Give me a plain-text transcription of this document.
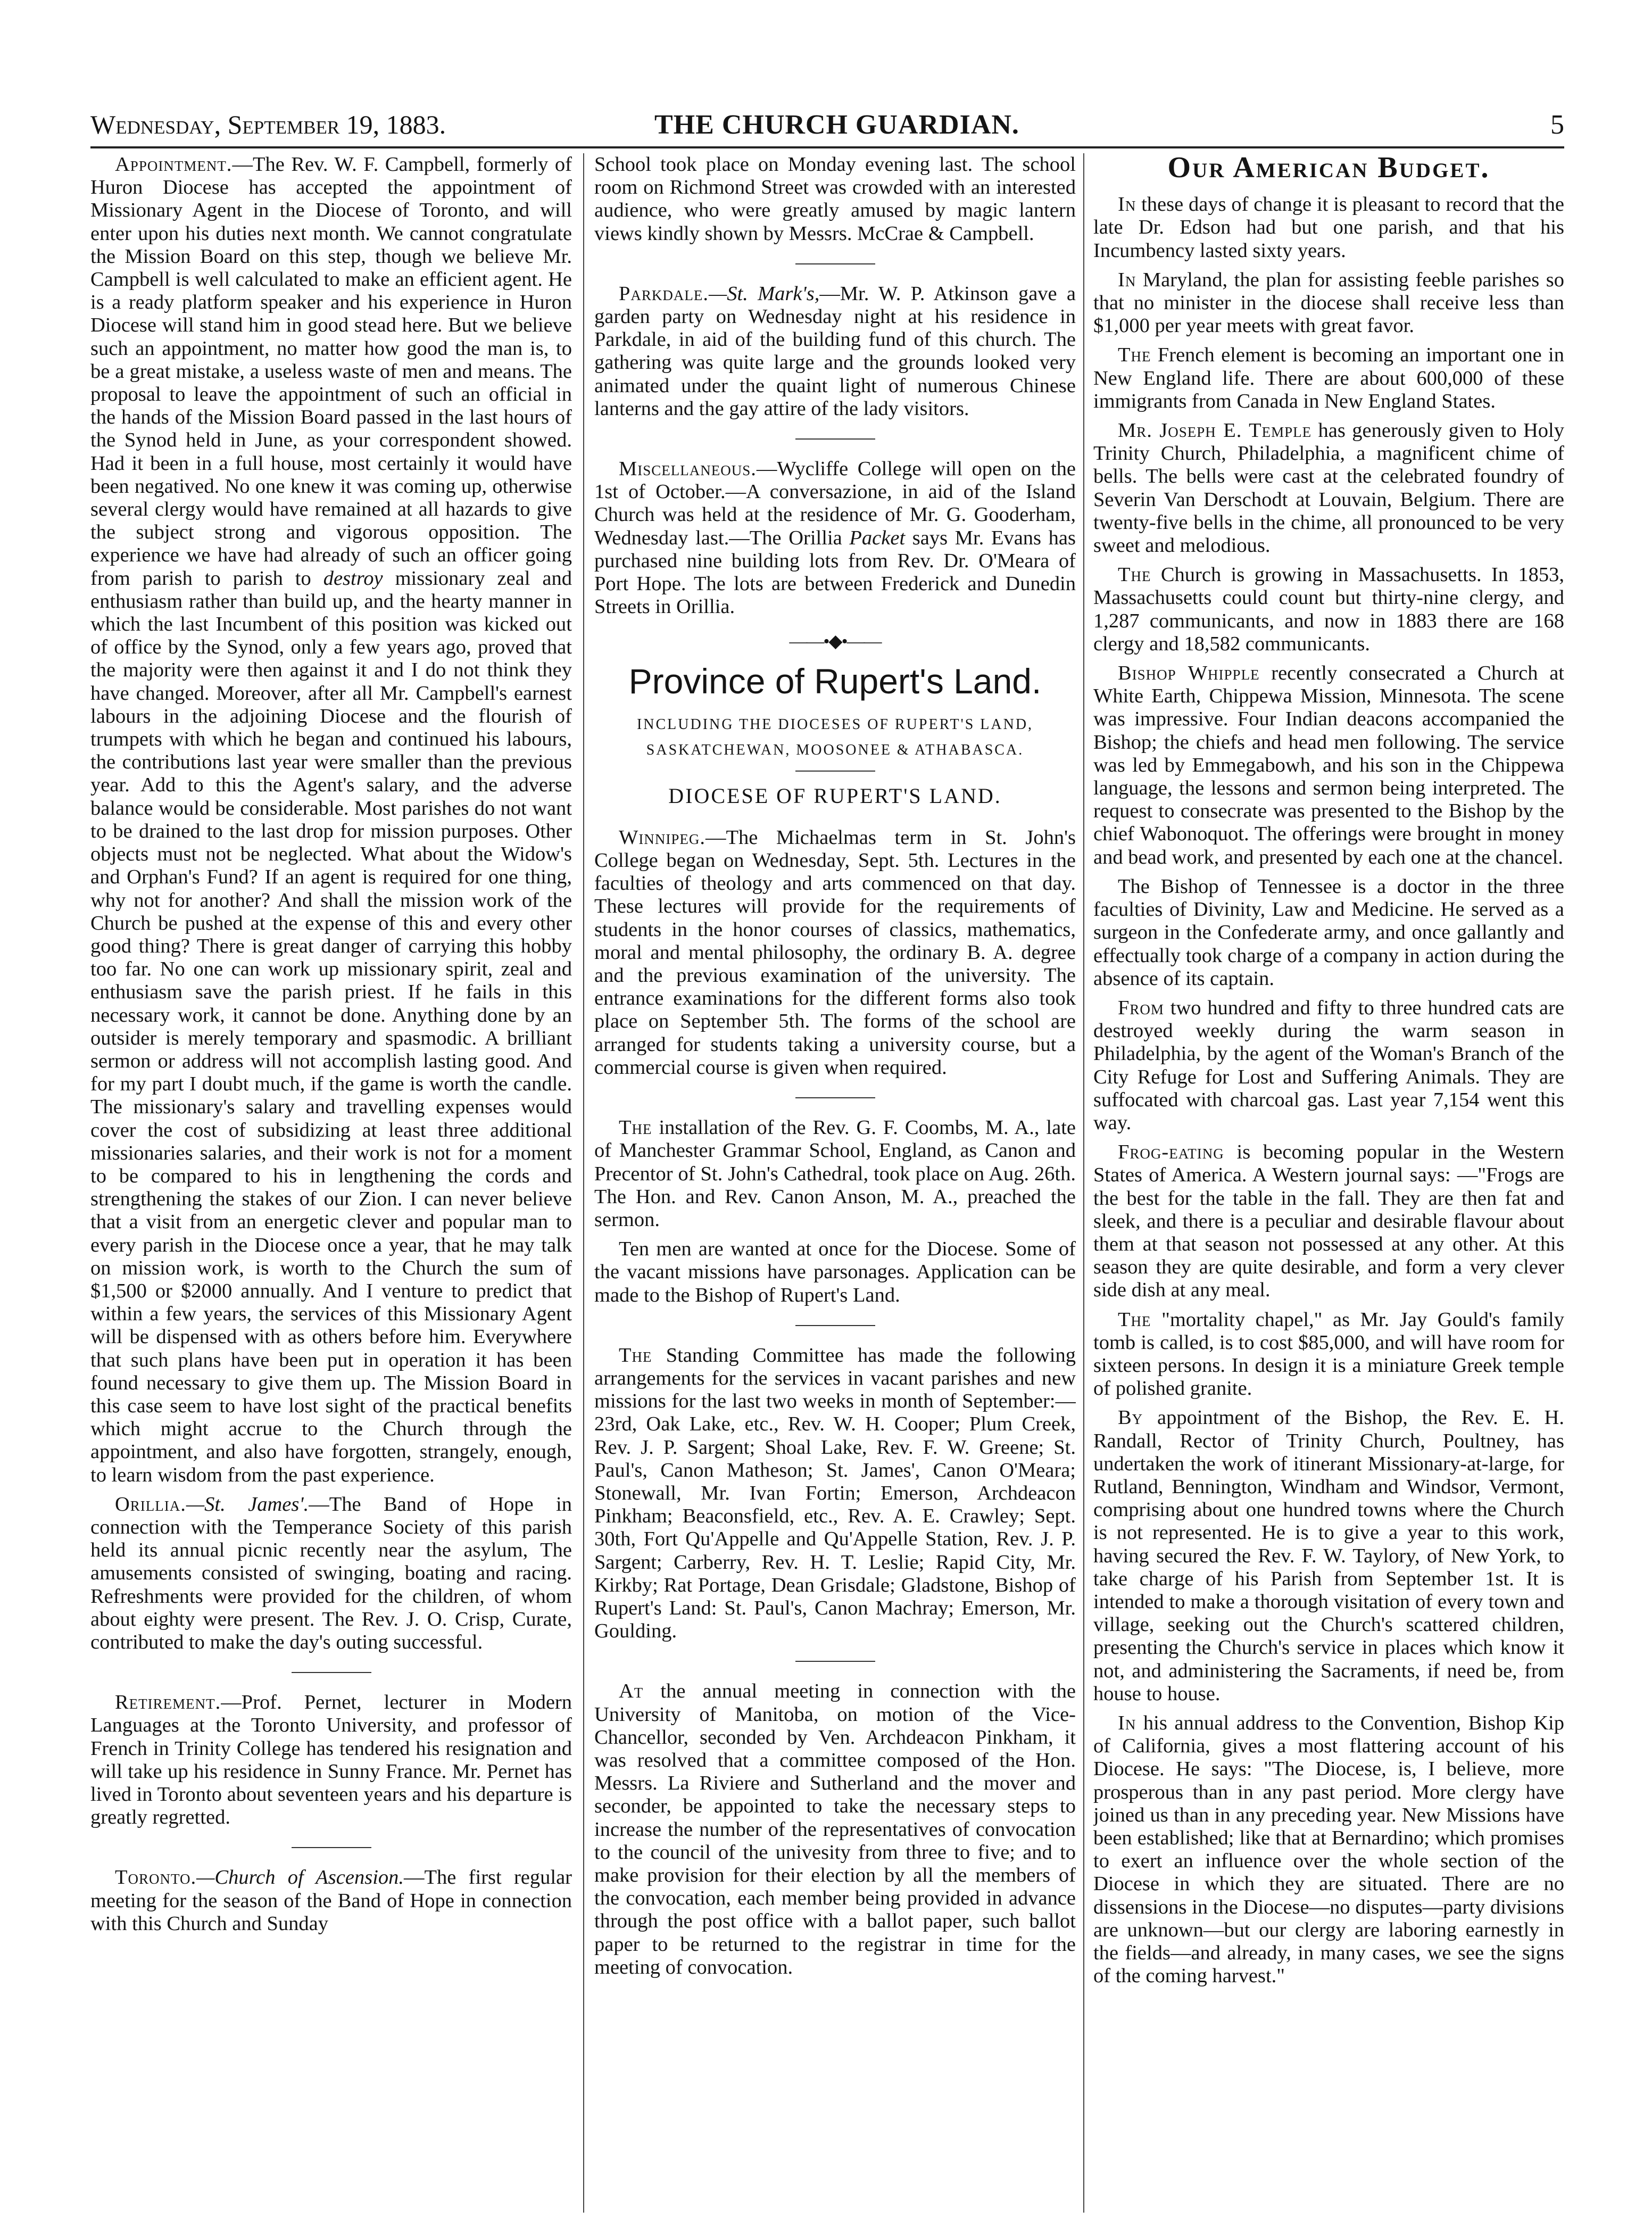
Wednesday, September 19, 1883.	THE CHURCH GUARDIAN.	5

Appointment.—The Rev. W. F. Campbell, formerly of Huron Diocese has accepted the appointment of Missionary Agent in the Diocese of Toronto, and will enter upon his duties next month. We cannot congratulate the Mission Board on this step, though we believe Mr. Campbell is well calculated to make an efficient agent. He is a ready platform speaker and his experience in Huron Diocese will stand him in good stead here. But we believe such an appointment, no matter how good the man is, to be a great mistake, a useless waste of men and means. The proposal to leave the appointment of such an official in the hands of the Mission Board passed in the last hours of the Synod held in June, as your correspondent showed. Had it been in a full house, most certainly it would have been negatived. No one knew it was coming up, otherwise several clergy would have remained at all hazards to give the subject strong and vigorous opposition. The experience we have had already of such an officer going from parish to parish to destroy missionary zeal and enthusiasm rather than build up, and the hearty manner in which the last Incumbent of this position was kicked out of office by the Synod, only a few years ago, proved that the majority were then against it and I do not think they have changed. Moreover, after all Mr. Campbell's earnest labours in the adjoining Diocese and the flourish of trumpets with which he began and continued his labours, the contributions last year were smaller than the previous year. Add to this the Agent's salary, and the adverse balance would be considerable. Most parishes do not want to be drained to the last drop for mission purposes. Other objects must not be neglected. What about the Widow's and Orphan's Fund? If an agent is required for one thing, why not for another? And shall the mission work of the Church be pushed at the expense of this and every other good thing? There is great danger of carrying this hobby too far. No one can work up missionary spirit, zeal and enthusiasm save the parish priest. If he fails in this necessary work, it cannot be done. Anything done by an outsider is merely temporary and spasmodic. A brilliant sermon or address will not accomplish lasting good. And for my part I doubt much, if the game is worth the candle. The missionary's salary and travelling expenses would cover the cost of subsidizing at least three additional missionaries salaries, and their work is not for a moment to be compared to his in lengthening the cords and strengthening the stakes of our Zion. I can never believe that a visit from an energetic clever and popular man to every parish in the Diocese once a year, that he may talk on mission work, is worth to the Church the sum of $1,500 or $2000 annually. And I venture to predict that within a few years, the services of this Missionary Agent will be dispensed with as others before him. Everywhere that such plans have been put in operation it has been found necessary to give them up. The Mission Board in this case seem to have lost sight of the practical benefits which might accrue to the Church through the appointment, and also have forgotten, strangely, enough, to learn wisdom from the past experience.

Orillia.—St. James'.—The Band of Hope in connection with the Temperance Society of this parish held its annual picnic recently near the asylum, The amusements consisted of swinging, boating and racing. Refreshments were provided for the children, of whom about eighty were present. The Rev. J. O. Crisp, Curate, contributed to make the day's outing successful.

Retirement.—Prof. Pernet, lecturer in Modern Languages at the Toronto University, and professor of French in Trinity College has tendered his resignation and will take up his residence in Sunny France. Mr. Pernet has lived in Toronto about seventeen years and his departure is greatly regretted.

Toronto.—Church of Ascension.—The first regular meeting for the season of the Band of Hope in connection with this Church and Sunday

School took place on Monday evening last. The school room on Richmond Street was crowded with an interested audience, who were greatly amused by magic lantern views kindly shown by Messrs. McCrae & Campbell.

Parkdale.—St. Mark's,—Mr. W. P. Atkinson gave a garden party on Wednesday night at his residence in Parkdale, in aid of the building fund of this church. The gathering was quite large and the grounds looked very animated under the quaint light of numerous Chinese lanterns and the gay attire of the lady visitors.

Miscellaneous.—Wycliffe College will open on the 1st of October.—A conversazione, in aid of the Island Church was held at the residence of Mr. G. Gooderham, Wednesday last.—The Orillia Packet says Mr. Evans has purchased nine building lots from Rev. Dr. O'Meara of Port Hope. The lots are between Frederick and Dunedin Streets in Orillia.

——•◆•——
Province of Rupert's Land.
INCLUDING THE DIOCESES OF RUPERT'S LAND,
SASKATCHEWAN, MOOSONEE & ATHABASCA.
DIOCESE OF RUPERT'S LAND.

Winnipeg.—The Michaelmas term in St. John's College began on Wednesday, Sept. 5th. Lectures in the faculties of theology and arts commenced on that day. These lectures will provide for the requirements of students in the honor courses of classics, mathematics, moral and mental philosophy, the ordinary B. A. degree and the previous examination of the university. The entrance examinations for the different forms also took place on September 5th. The forms of the school are arranged for students taking a university course, but a commercial course is given when required.

The installation of the Rev. G. F. Coombs, M. A., late of Manchester Grammar School, England, as Canon and Precentor of St. John's Cathedral, took place on Aug. 26th. The Hon. and Rev. Canon Anson, M. A., preached the sermon.

Ten men are wanted at once for the Diocese. Some of the vacant missions have parsonages. Application can be made to the Bishop of Rupert's Land.

The Standing Committee has made the following arrangements for the services in vacant parishes and new missions for the last two weeks in month of September:—23rd, Oak Lake, etc., Rev. W. H. Cooper; Plum Creek, Rev. J. P. Sargent; Shoal Lake, Rev. F. W. Greene; St. Paul's, Canon Matheson; St. James', Canon O'Meara; Stonewall, Mr. Ivan Fortin; Emerson, Archdeacon Pinkham; Beaconsfield, etc., Rev. A. E. Crawley; Sept. 30th, Fort Qu'Appelle and Qu'Appelle Station, Rev. J. P. Sargent; Carberry, Rev. H. T. Leslie; Rapid City, Mr. Kirkby; Rat Portage, Dean Grisdale; Gladstone, Bishop of Rupert's Land: St. Paul's, Canon Machray; Emerson, Mr. Goulding.

At the annual meeting in connection with the University of Manitoba, on motion of the Vice-Chancellor, seconded by Ven. Archdeacon Pinkham, it was resolved that a committee composed of the Hon. Messrs. La Riviere and Sutherland and the mover and seconder, be appointed to take the necessary steps to increase the number of the representatives of convocation to the council of the univesity from three to five; and to make provision for their election by all the members of the convocation, each member being provided in advance through the post office with a ballot paper, such ballot paper to be returned to the registrar in time for the meeting of convocation.

Our American Budget.

In these days of change it is pleasant to record that the late Dr. Edson had but one parish, and that his Incumbency lasted sixty years.

In Maryland, the plan for assisting feeble parishes so that no minister in the diocese shall receive less than $1,000 per year meets with great favor.

The French element is becoming an important one in New England life. There are about 600,000 of these immigrants from Canada in New England States.

Mr. Joseph E. Temple has generously given to Holy Trinity Church, Philadelphia, a magnificent chime of bells. The bells were cast at the celebrated foundry of Severin Van Derschodt at Louvain, Belgium. There are twenty-five bells in the chime, all pronounced to be very sweet and melodious.

The Church is growing in Massachusetts. In 1853, Massachusetts could count but thirty-nine clergy, and 1,287 communicants, and now in 1883 there are 168 clergy and 18,582 communicants.

Bishop Whipple recently consecrated a Church at White Earth, Chippewa Mission, Minnesota. The scene was impressive. Four Indian deacons accompanied the Bishop; the chiefs and head men following. The service was led by Emmegabowh, and his son in the Chippewa language, the lessons and sermon being interpreted. The request to consecrate was presented to the Bishop by the chief Wabonoquot. The offerings were brought in money and bead work, and presented by each one at the chancel.

The Bishop of Tennessee is a doctor in the three faculties of Divinity, Law and Medicine. He served as a surgeon in the Confederate army, and once gallantly and effectually took charge of a company in action during the absence of its captain.

From two hundred and fifty to three hundred cats are destroyed weekly during the warm season in Philadelphia, by the agent of the Woman's Branch of the City Refuge for Lost and Suffering Animals. They are suffocated with charcoal gas. Last year 7,154 went this way.

Frog-eating is becoming popular in the Western States of America. A Western journal says: —"Frogs are the best for the table in the fall. They are then fat and sleek, and there is a peculiar and desirable flavour about them at that season not possessed at any other. At this season they are quite desirable, and form a very clever side dish at any meal.

The "mortality chapel," as Mr. Jay Gould's family tomb is called, is to cost $85,000, and will have room for sixteen persons. In design it is a miniature Greek temple of polished granite.

By appointment of the Bishop, the Rev. E. H. Randall, Rector of Trinity Church, Poultney, has undertaken the work of itinerant Missionary-at-large, for Rutland, Bennington, Windham and Windsor, Vermont, comprising about one hundred towns where the Church is not represented. He is to give a year to this work, having secured the Rev. F. W. Taylory, of New York, to take charge of his Parish from September 1st. It is intended to make a thorough visitation of every town and village, seeking out the Church's scattered children, presenting the Church's service in places which know it not, and administering the Sacraments, if need be, from house to house.

In his annual address to the Convention, Bishop Kip of California, gives a most flattering account of his Diocese. He says: "The Diocese, is, I believe, more prosperous than in any past period. More clergy have joined us than in any preceding year. New Missions have been established; like that at Bernardino; which promises to exert an influence over the whole section of the Diocese in which they are situated. There are no dissensions in the Diocese—no disputes—party divisions are unknown—but our clergy are laboring earnestly in the fields—and already, in many cases, we see the signs of the coming harvest."
